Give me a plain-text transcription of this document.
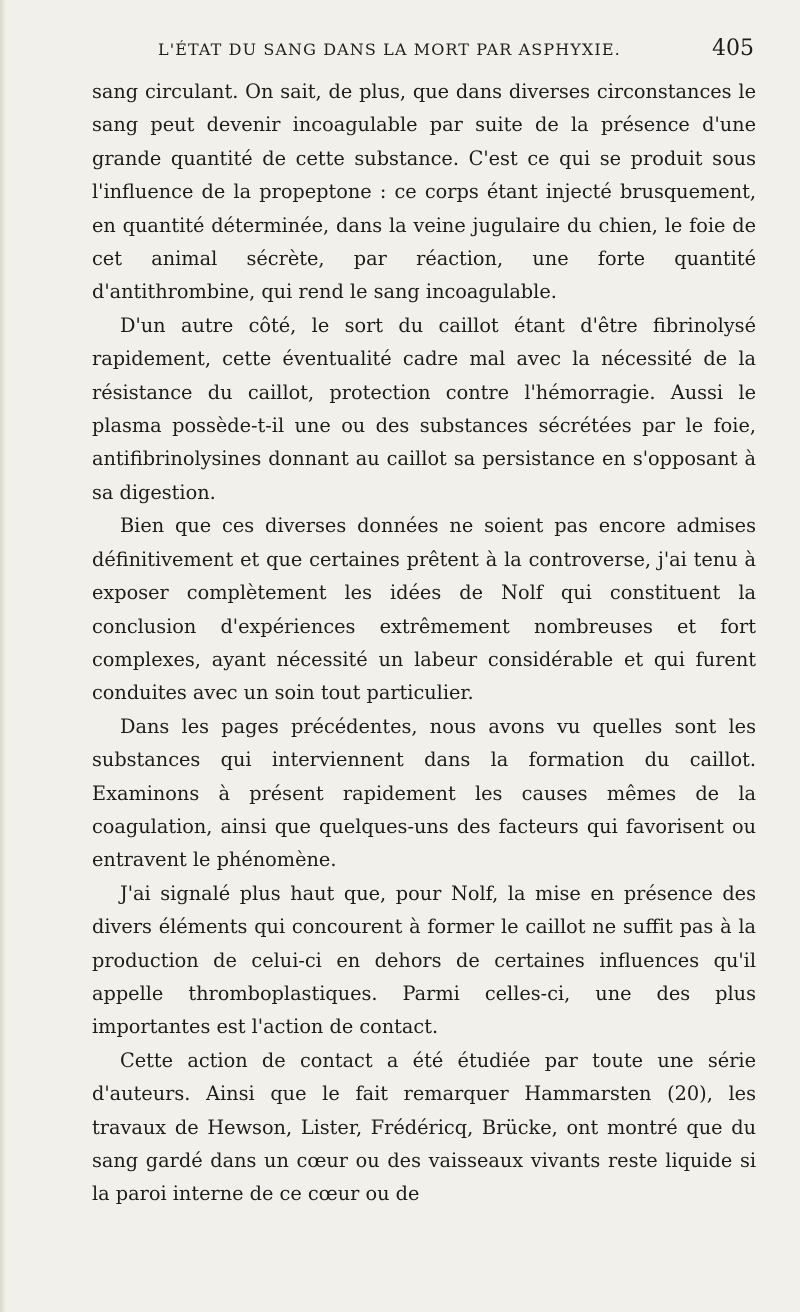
L'ÉTAT DU SANG DANS LA MORT PAR ASPHYXIE.	405

sang circulant. On sait, de plus, que dans diverses circonstances le sang peut devenir incoagulable par suite de la présence d'une grande quantité de cette substance. C'est ce qui se produit sous l'influence de la propeptone : ce corps étant injecté brusquement, en quantité déterminée, dans la veine jugulaire du chien, le foie de cet animal sécrète, par réaction, une forte quantité d'antithrombine, qui rend le sang incoagulable.

D'un autre côté, le sort du caillot étant d'être fibrinolysé rapidement, cette éventualité cadre mal avec la nécessité de la résistance du caillot, protection contre l'hémorragie. Aussi le plasma possède-t-il une ou des substances sécrétées par le foie, antifibrinolysines donnant au caillot sa persistance en s'opposant à sa digestion.

Bien que ces diverses données ne soient pas encore admises définitivement et que certaines prêtent à la controverse, j'ai tenu à exposer complètement les idées de Nolf qui constituent la conclusion d'expériences extrêmement nombreuses et fort complexes, ayant nécessité un labeur considérable et qui furent conduites avec un soin tout particulier.

Dans les pages précédentes, nous avons vu quelles sont les substances qui interviennent dans la formation du caillot. Examinons à présent rapidement les causes mêmes de la coagulation, ainsi que quelques-uns des facteurs qui favorisent ou entravent le phénomène.

J'ai signalé plus haut que, pour Nolf, la mise en présence des divers éléments qui concourent à former le caillot ne suffit pas à la production de celui-ci en dehors de certaines influences qu'il appelle thromboplastiques. Parmi celles-ci, une des plus importantes est l'action de contact.

Cette action de contact a été étudiée par toute une série d'auteurs. Ainsi que le fait remarquer Hammarsten (20), les travaux de Hewson, Lister, Frédéricq, Brücke, ont montré que du sang gardé dans un cœur ou des vaisseaux vivants reste liquide si la paroi interne de ce cœur ou de
